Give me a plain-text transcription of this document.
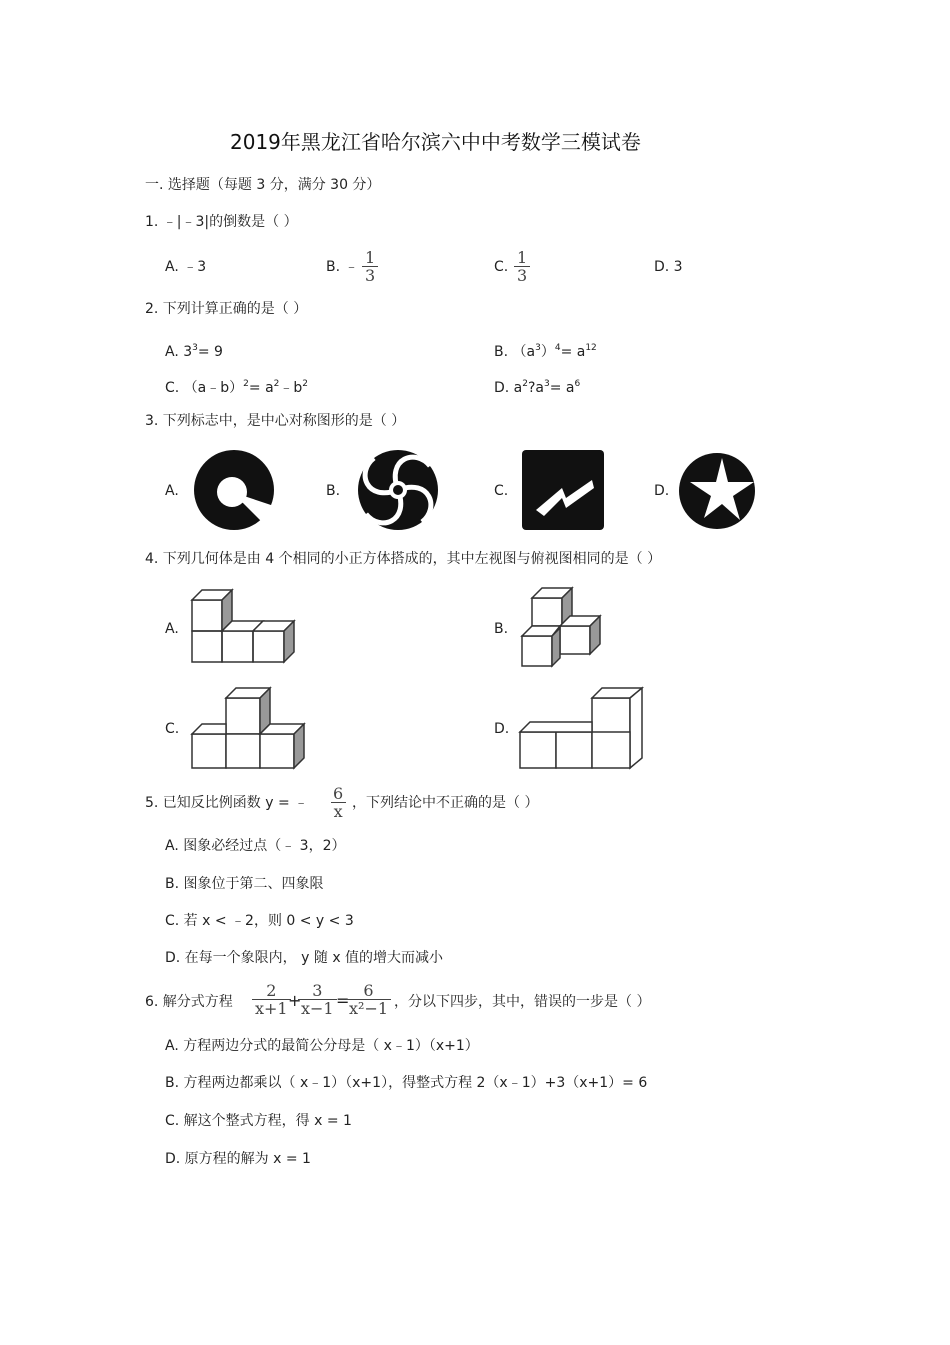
2019年黑龙江省哈尔滨六中中考数学三模试卷
一. 选择题（每题 3 分，满分 30 分）
1. ﹣|﹣3|的倒数是（ ）
A. ﹣3	B. ﹣ $\frac{1}{3}$	C. $\frac{1}{3}$	D. 3
2. 下列计算正确的是（ ）
A. $3^3= 9$	B. $(a^3)^4= a^{12}$
C. （a﹣b）$^2$= $a^2﹣b^2$	D. $a^2?a^3= a^6$
3. 下列标志中，是中心对称图形的是（ ）
A.	B.	C.	D.
4. 下列几何体是由 4 个相同的小正方体搭成的，其中左视图与俯视图相同的是（ ）
A.	B.
C.	D.
5. 已知反比例函数 y = ﹣ $\frac{6}{x}$ ，下列结论中不正确的是（ ）
A. 图象必经过点（﹣ 3，2）
B. 图象位于第二、四象限
C. 若 x < ﹣2，则 0 < y < 3
D. 在每一个象限内， y 随 x 值的增大而减小
6. 解分式方程 $\frac{2}{x+1}$
+
$\frac{3}{x-1}$ =
$\frac{6}{\text{x²−1}}$ ，分以下四步，其中，错误的一步是（ ）
A. 方程两边分式的最简公分母是（ x﹣1）（x+1）
B. 方程两边都乘以（ x﹣1）（x+1），得整式方程 2（x﹣1）+3（x+1）= 6
C. 解这个整式方程，得 x = 1
D. 原方程的解为 x = 1
